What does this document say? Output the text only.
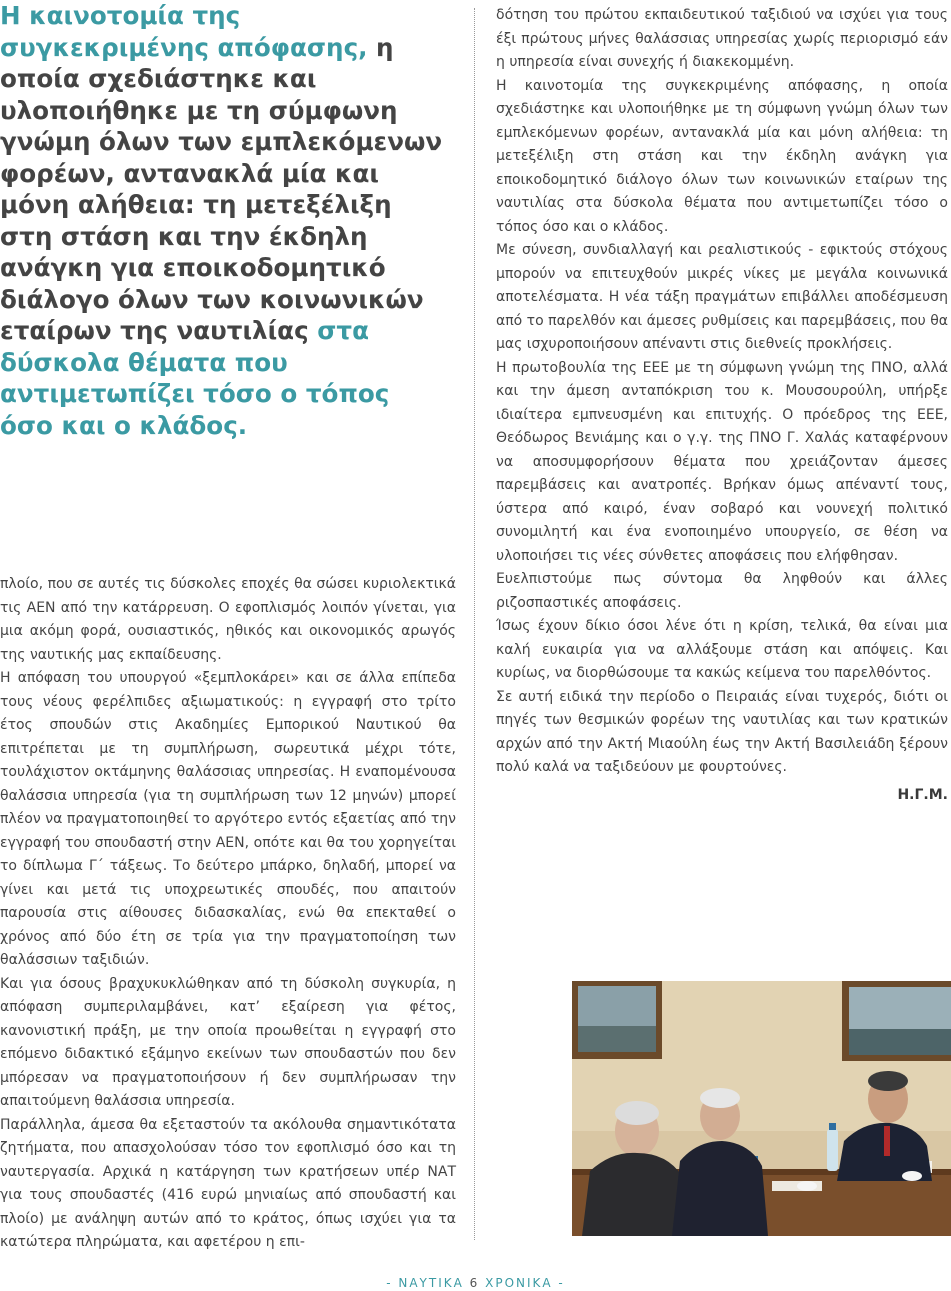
Η καινοτομία της συγκεκριμένης απόφασης, η οποία σχεδιάστηκε και υλοποιήθηκε με τη σύμφωνη γνώμη όλων των εμπλεκόμενων φορέων, αντανακλά μία και μόνη αλήθεια: τη μετεξέλιξη στη στάση και την έκδηλη ανάγκη για εποικοδομητικό διάλογο όλων των κοινωνικών εταίρων της ναυτιλίας στα δύσκολα θέματα που αντιμετωπίζει τόσο ο τόπος όσο και ο κλάδος.

πλοίο, που σε αυτές τις δύσκολες εποχές θα σώσει κυριολεκτικά τις ΑΕΝ από την κατάρρευση. Ο εφοπλισμός λοιπόν γίνεται, για μια ακόμη φορά, ουσιαστικός, ηθικός και οικονομικός αρωγός της ναυτικής μας εκπαίδευσης.

Η απόφαση του υπουργού «ξεμπλοκάρει» και σε άλλα επίπεδα τους νέους φερέλπιδες αξιωματικούς: η εγγραφή στο τρίτο έτος σπουδών στις Ακαδημίες Εμπορικού Ναυτικού θα επιτρέπεται με τη συμπλήρωση, σωρευτικά μέχρι τότε, τουλάχιστον οκτάμηνης θαλάσσιας υπηρεσίας. Η εναπομένουσα θαλάσσια υπηρεσία (για τη συμπλήρωση των 12 μηνών) μπορεί πλέον να πραγματοποιηθεί το αργότερο εντός εξαετίας από την εγγραφή του σπουδαστή στην ΑΕΝ, οπότε και θα του χορηγείται το δίπλωμα Γ΄ τάξεως. Το δεύτερο μπάρκο, δηλαδή, μπορεί να γίνει και μετά τις υποχρεωτικές σπουδές, που απαιτούν παρουσία στις αίθουσες διδασκαλίας, ενώ θα επεκταθεί ο χρόνος από δύο έτη σε τρία για την πραγματοποίηση των θαλάσσιων ταξιδιών.

Και για όσους βραχυκυκλώθηκαν από τη δύσκολη συγκυρία, η απόφαση συμπεριλαμβάνει, κατ’ εξαίρεση για φέτος, κανονιστική πράξη, με την οποία προωθείται η εγγραφή στο επόμενο διδακτικό εξάμηνο εκείνων των σπουδαστών που δεν μπόρεσαν να πραγματοποιήσουν ή δεν συμπλήρωσαν την απαιτούμενη θαλάσσια υπηρεσία.

Παράλληλα, άμεσα θα εξεταστούν τα ακόλουθα σημαντικότατα ζητήματα, που απασχολούσαν τόσο τον εφοπλισμό όσο και τη ναυτεργασία. Αρχικά η κατάργηση των κρατήσεων υπέρ ΝΑΤ για τους σπουδαστές (416 ευρώ μηνιαίως από σπουδαστή και πλοίο) με ανάληψη αυτών από το κράτος, όπως ισχύει για τα κατώτερα πληρώματα, και αφετέρου η επι-

δότηση του πρώτου εκπαιδευτικού ταξιδιού να ισχύει για τους έξι πρώτους μήνες θαλάσσιας υπηρεσίας χωρίς περιορισμό εάν η υπηρεσία είναι συνεχής ή διακεκομμένη.

Η καινοτομία της συγκεκριμένης απόφασης, η οποία σχεδιάστηκε και υλοποιήθηκε με τη σύμφωνη γνώμη όλων των εμπλεκόμενων φορέων, αντανακλά μία και μόνη αλήθεια: τη μετεξέλιξη στη στάση και την έκδηλη ανάγκη για εποικοδομητικό διάλογο όλων των κοινωνικών εταίρων της ναυτιλίας στα δύσκολα θέματα που αντιμετωπίζει τόσο ο τόπος όσο και ο κλάδος.

Με σύνεση, συνδιαλλαγή και ρεαλιστικούς - εφικτούς στόχους μπορούν να επιτευχθούν μικρές νίκες με μεγάλα κοινωνικά αποτελέσματα. Η νέα τάξη πραγμάτων επιβάλλει αποδέσμευση από το παρελθόν και άμεσες ρυθμίσεις και παρεμβάσεις, που θα μας ισχυροποιήσουν απέναντι στις διεθνείς προκλήσεις.

Η πρωτοβουλία της ΕΕΕ με τη σύμφωνη γνώμη της ΠΝΟ, αλλά και την άμεση ανταπόκριση του κ. Μουσουρούλη, υπήρξε ιδιαίτερα εμπνευσμένη και επιτυχής. Ο πρόεδρος της ΕΕΕ, Θεόδωρος Βενιάμης και ο γ.γ. της ΠΝΟ Γ. Χαλάς καταφέρνουν να αποσυμφορήσουν θέματα που χρειάζονταν άμεσες παρεμβάσεις και ανατροπές. Βρήκαν όμως απέναντί τους, ύστερα από καιρό, έναν σοβαρό και νουνεχή πολιτικό συνομιλητή και ένα ενοποιημένο υπουργείο, σε θέση να υλοποιήσει τις νέες σύνθετες αποφάσεις που ελήφθησαν.

Ευελπιστούμε πως σύντομα θα ληφθούν και άλλες ριζοσπαστικές αποφάσεις.

Ίσως έχουν δίκιο όσοι λένε ότι η κρίση, τελικά, θα είναι μια καλή ευκαιρία για να αλλάξουμε στάση και απόψεις. Και κυρίως, να διορθώσουμε τα κακώς κείμενα του παρελθόντος.

Σε αυτή ειδικά την περίοδο ο Πειραιάς είναι τυχερός, διότι οι πηγές των θεσμικών φορέων της ναυτιλίας και των κρατικών αρχών από την Ακτή Μιαούλη έως την Ακτή Βασιλειάδη ξέρουν πολύ καλά να ταξιδεύουν με φουρτούνες.

Η.Γ.Μ.

- ΝΑΥΤΙΚΑ 6 ΧΡΟΝΙΚΑ -
